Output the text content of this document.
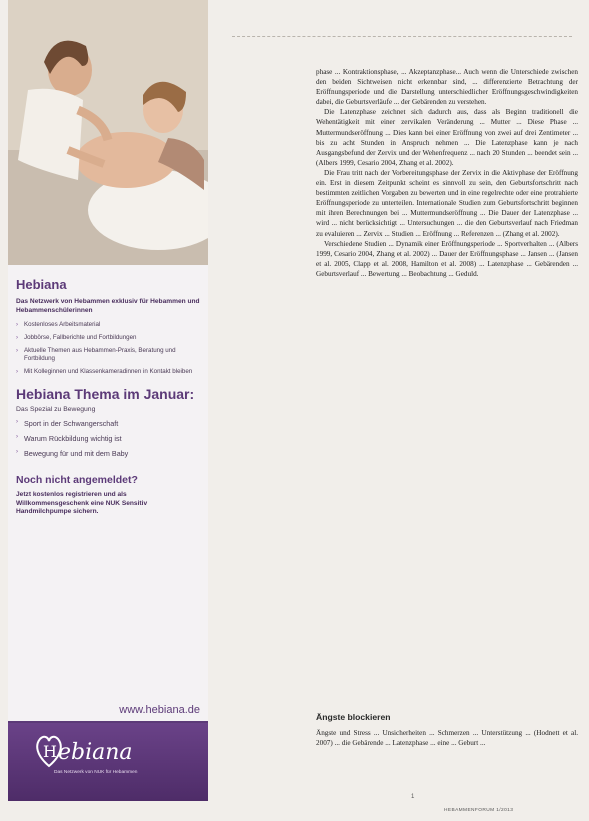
Hebiana
Das Netzwerk von Hebammen exklusiv für Hebammen und Hebammenschülerinnen
› Kostenloses Arbeitsmaterial
› Jobbörse, Fallberichte und Fortbildungen
› Aktuelle Themen aus Hebammen-Praxis, Beratung und Fortbildung
› Mit Kolleginnen und Klassenkameradinnen in Kontakt bleiben
Hebiana Thema im Januar:
Das Spezial zu Bewegung
› Sport in der Schwangerschaft
› Warum Rückbildung wichtig ist
› Bewegung für und mit dem Baby
Noch nicht angemeldet?
Jetzt kostenlos registrieren und als Willkommensgeschenk eine NUK Sensitiv Handmilchpumpe sichern.
www.hebiana.de
H ebiana
Das Netzwerk von NUK für Hebammen

phase ... Kontraktionsphase, ... Akzeptanzphase... Auch wenn die Unterschiede zwischen den beiden Sichtweisen nicht erkennbar sind, ... differenzierte Betrachtung der Eröffnungsperiode und die Darstellung unterschiedlicher Eröffnungsgeschwindigkeiten dabei, die Geburtsverläufe ... der Gebärenden zu verstehen.

Die Latenzphase zeichnet sich dadurch aus, dass als Beginn traditionell die Wehentätigkeit mit einer zervikalen Veränderung ... Mutter ... Diese Phase ... Muttermundseröffnung ... Dies kann bei einer Eröffnung von zwei auf drei Zentimeter ... bis zu acht Stunden in Anspruch nehmen ... Die Latenzphase kann je nach Ausgangsbefund der Zervix und der Wehenfrequenz ... nach 20 Stunden ... beendet sein ... (Albers 1999, Cesario 2004, Zhang et al. 2002).

Die Frau tritt nach der Vorbereitungsphase der Zervix in die Aktivphase der Eröffnung ein. Erst in diesem Zeitpunkt scheint es sinnvoll zu sein, den Geburtsfortschritt nach bestimmten zeitlichen Vorgaben zu bewerten und in eine regelrechte oder eine protrahierte Eröffnungsperiode zu unterteilen. Internationale Studien zum Geburtsfortschritt beginnen mit ihren Berechnungen bei ... Muttermundseröffnung ... Die Dauer der Latenzphase ... wird ... nicht berücksichtigt ... Untersuchungen ... die den Geburtsverlauf nach Friedman zu evaluieren ... Zervix ... Studien ... Eröffnung ... Referenzen ... (Zhang et al. 2002).

Verschiedene Studien ... Dynamik einer Eröffnungsperiode ... Sportverhalten ... (Albers 1999, Cesario 2004, Zhang et al. 2002) ... Dauer der Eröffnungsphase ... Jansen ... (Jansen et al. 2005, Clapp et al. 2008, Hamilton et al. 2008) ... Latenzphase ... Gebärenden ... Geburtsverlauf ... Bewertung ... Beobachtung ... Geduld.

Ängste blockieren

Ängste und Stress ... Unsicherheiten ... Schmerzen ... Unterstützung ... (Hodnett et al. 2007) ... die Gebärende ... Latenzphase ... eine ... Geburt ...

1
HEBAMMENFORUM 1/2013
